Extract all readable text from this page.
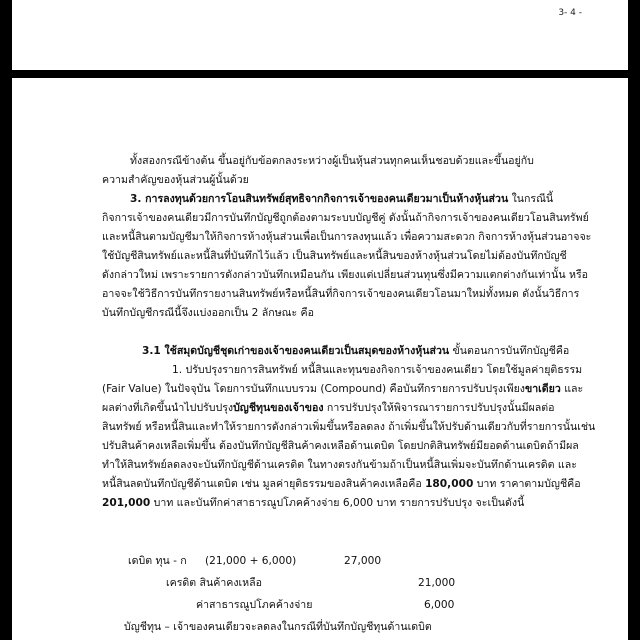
3- 4 -
ทั้งสองกรณีข้างต้น ขึ้นอยู่กับข้อตกลงระหว่างผู้เป็นหุ้นส่วนทุกคนเห็นชอบด้วยและขึ้นอยู่กับ
ความสำคัญของหุ้นส่วนผู้นั้นด้วย
3. การลงทุนด้วยการโอนสินทรัพย์สุทธิจากกิจการเจ้าของคนเดียวมาเป็นห้างหุ้นส่วน ในกรณีนี้
กิจการเจ้าของคนเดียวมีการบันทึกบัญชีถูกต้องตามระบบบัญชีคู่ ดังนั้นถ้ากิจการเจ้าของคนเดียวโอนสินทรัพย์
และหนี้สินตามบัญชีมาให้กิจการห้างหุ้นส่วนเพื่อเป็นการลงทุนแล้ว เพื่อความสะดวก กิจการห้างหุ้นส่วนอาจจะ
ใช้บัญชีสินทรัพย์และหนี้สินที่บันทึกไว้แล้ว เป็นสินทรัพย์และหนี้สินของห้างหุ้นส่วนโดยไม่ต้องบันทึกบัญชี
ดังกล่าวใหม่ เพราะรายการดังกล่าวบันทึกเหมือนกัน เพียงแต่เปลี่ยนส่วนทุนซึ่งมีความแตกต่างกันเท่านั้น หรือ
อาจจะใช้วิธีการบันทึกรายงานสินทรัพย์หรือหนี้สินที่กิจการเจ้าของคนเดียวโอนมาใหม่ทั้งหมด ดังนั้นวิธีการ
บันทึกบัญชีกรณีนี้จึงแบ่งออกเป็น 2 ลักษณะ คือ
3.1 ใช้สมุดบัญชีชุดเก่าของเจ้าของคนเดียวเป็นสมุดของห้างหุ้นส่วน ขั้นตอนการบันทึกบัญชีคือ
1. ปรับปรุงรายการสินทรัพย์ หนี้สินและทุนของกิจการเจ้าของคนเดียว โดยใช้มูลค่ายุติธรรม
(Fair Value) ในปัจจุบัน โดยการบันทึกแบบรวม (Compound) คือบันทึกรายการปรับปรุงเพียงขาเดียว และ
ผลต่างที่เกิดขึ้นนำไปปรับปรุงบัญชีทุนของเจ้าของ การปรับปรุงให้พิจารณารายการปรับปรุงนั้นมีผลต่อ
สินทรัพย์ หรือหนี้สินและทำให้รายการดังกล่าวเพิ่มขึ้นหรือลดลง ถ้าเพิ่มขึ้นให้ปรับด้านเดียวกับที่รายการนั้นเช่น
ปรับสินค้าคงเหลือเพิ่มขึ้น ต้องบันทึกบัญชีสินค้าคงเหลือด้านเดบิต โดยปกติสินทรัพย์มียอดด้านเดบิตถ้ามีผล
ทำให้สินทรัพย์ลดลงจะบันทึกบัญชีด้านเครดิต ในทางตรงกันข้ามถ้าเป็นหนี้สินเพิ่มจะบันทึกด้านเครดิต และ
หนี้สินลดบันทึกบัญชีด้านเดบิต เช่น มูลค่ายุติธรรมของสินค้าคงเหลือคือ 180,000 บาท ราคาตามบัญชีคือ
201,000 บาท และบันทึกค่าสาธารณูปโภคค้างจ่าย 6,000 บาท รายการปรับปรุง จะเป็นดังนี้
เดบิต ทุน - ก (21,000 + 6,000)	27,000
เครดิต สินค้าคงเหลือ	21,000
ค่าสาธารณูปโภคค้างจ่าย	6,000
บัญชีทุน – เจ้าของคนเดียวจะลดลงในกรณีที่บันทึกบัญชีทุนด้านเดบิต
